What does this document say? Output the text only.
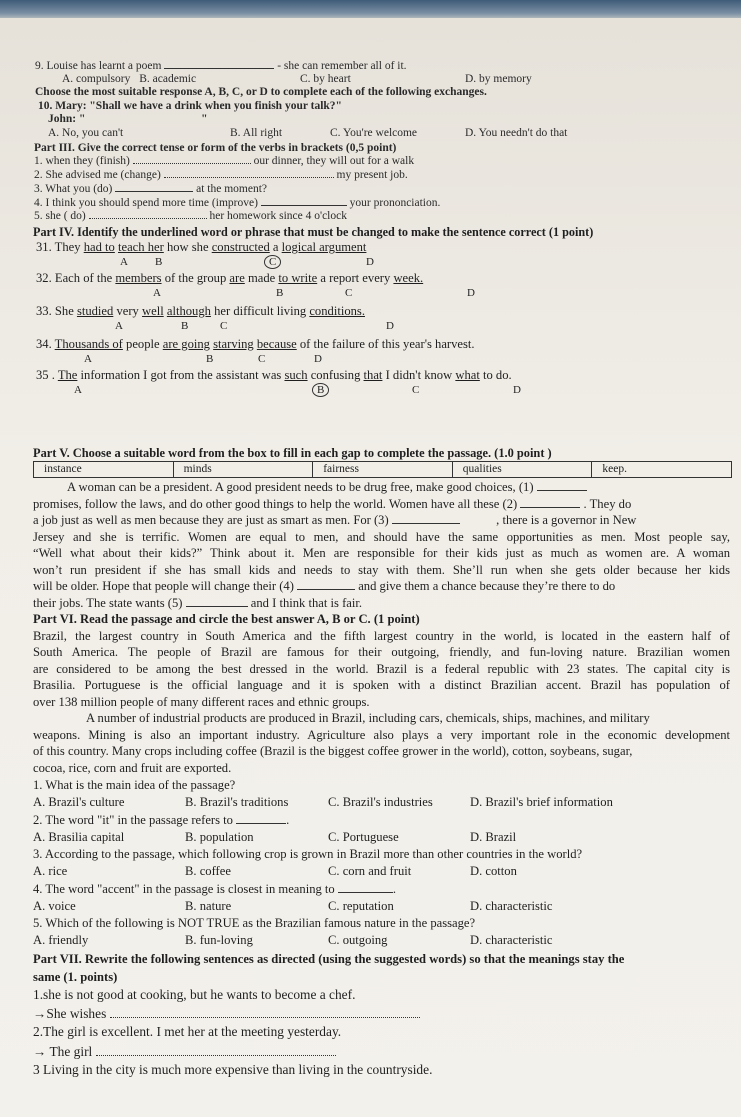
9. Louise has learnt a poem	- she can remember all of it.
A. compulsory B. academic	C. by heart	D. by memory
Choose the most suitable response A, B, C, or D to complete each of the following exchanges.
10. Mary: "Shall we have a drink when you finish your talk?"
John: "	"
A. No, you can't	B. All right	C. You're welcome	D. You needn't do that
Part III. Give the correct tense or form of the verbs in brackets (0,5 point)
1. when they (finish)	our dinner, they will out for a walk
2. She advised me (change)	my present job.
3. What you (do)	at the moment?
4. I think you should spend more time (improve)	your prononciation.
5. she ( do)	her homework since 4 o'clock
Part IV. Identify the underlined word or phrase that must be changed to make the sentence correct (1 point)
31. They had to teach her how she constructed a logical argument
A B	C	D
32. Each of the members of the group are made to write a report every week.
A	B	C	D
33. She studied very well although her difficult living conditions.
A	B	C	D
34. Thousands of people are going starving because of the failure of this year's harvest.
A	B	C	D
35 . The information I got from the assistant was such confusing that I didn't know what to do.
A	B	C	D
Part V. Choose a suitable word from the box to fill in each gap to complete the passage. (1.0 point )
instance	minds	fairness	qualities	keep.
A woman can be a president. A good president needs to be drug free, make good choices, (1)
promises, follow the laws, and do other good things to help the world. Women have all these (2)	. They do
a job just as well as men because they are just as smart as men. For (3)	, there is a governor in New
Jersey and she is terrific. Women are equal to men, and should have the same opportunities as men. Most people say,
“Well what about their kids?” Think about it. Men are responsible for their kids just as much as women are. A woman
won’t run president if she has small kids and needs to stay with them. She’ll run when she gets older because her kids
will be older. Hope that people will change their (4)	and give them a chance because they’re there to do
their jobs. The state wants (5)	and I think that is fair.
Part VI. Read the passage and circle the best answer A, B or C. (1 point)
Brazil, the largest country in South America and the fifth largest country in the world, is located in the eastern half of
South America. The people of Brazil are famous for their outgoing, friendly, and fun-loving nature. Brazilian women
are considered to be among the best dressed in the world. Brazil is a federal republic with 23 states. The capital city is
Brasilia. Portuguese is the official language and it is spoken with a distinct Brazilian accent. Brazil has population of
over 138 million people of many different races and ethnic groups.
A number of industrial products are produced in Brazil, including cars, chemicals, ships, machines, and military
weapons. Mining is also an important industry. Agriculture also plays a very important role in the economic development
of this country. Many crops including coffee (Brazil is the biggest coffee grower in the world), cotton, soybeans, sugar,
cocoa, rice, corn and fruit are exported.
1. What is the main idea of the passage?
A. Brazil's culture	B. Brazil's traditions	C. Brazil's industries	D. Brazil's brief information
2. The word "it" in the passage refers to	.
A. Brasilia capital	B. population	C. Portuguese	D. Brazil
3. According to the passage, which following crop is grown in Brazil more than other countries in the world?
A. rice	B. coffee	C. corn and fruit	D. cotton
4. The word "accent" in the passage is closest in meaning to	.
A. voice	B. nature	C. reputation	D. characteristic
5. Which of the following is NOT TRUE as the Brazilian famous nature in the passage?
A. friendly	B. fun-loving	C. outgoing	D. characteristic
Part VII. Rewrite the following sentences as directed (using the suggested words) so that the meanings stay the
same (1. points)
1.she is not good at cooking, but he wants to become a chef.
→She wishes
2.The girl is excellent. I met her at the meeting yesterday.
→ The girl
3 Living in the city is much more expensive than living in the countryside.
